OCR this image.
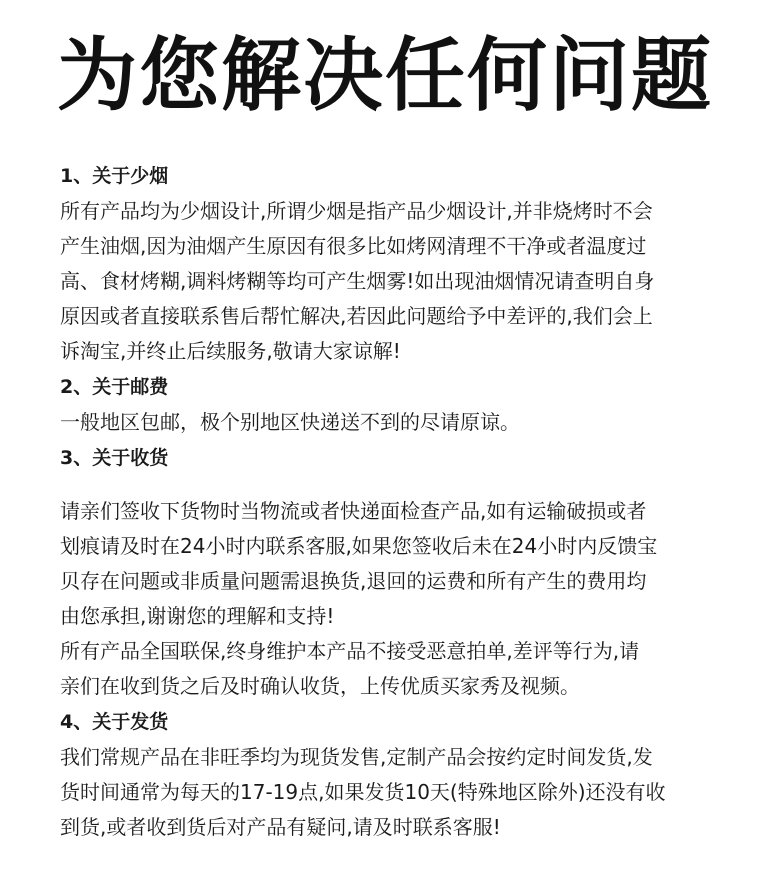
为您解决任何问题
1、关于少烟

所有产品均为少烟设计,所谓少烟是指产品少烟设计,并非烧烤时不会
产生油烟,因为油烟产生原因有很多比如烤网清理不干净或者温度过
高、食材烤糊,调料烤糊等均可产生烟雾!如出现油烟情况请查明自身
原因或者直接联系售后帮忙解决,若因此问题给予中差评的,我们会上
诉淘宝,并终止后续服务,敬请大家谅解!

2、关于邮费

一般地区包邮，极个别地区快递送不到的尽请原谅。

3、关于收货

请亲们签收下货物时当物流或者快递面检查产品,如有运输破损或者
划痕请及时在24小时内联系客服,如果您签收后未在24小时内反馈宝
贝存在问题或非质量问题需退换货,退回的运费和所有产生的费用均
由您承担,谢谢您的理解和支持!

所有产品全国联保,终身维护本产品不接受恶意拍单,差评等行为,请
亲们在收到货之后及时确认收货，上传优质买家秀及视频。

4、关于发货

我们常规产品在非旺季均为现货发售,定制产品会按约定时间发货,发
货时间通常为每天的17-19点,如果发货10天(特殊地区除外)还没有收
到货,或者收到货后对产品有疑问,请及时联系客服!
